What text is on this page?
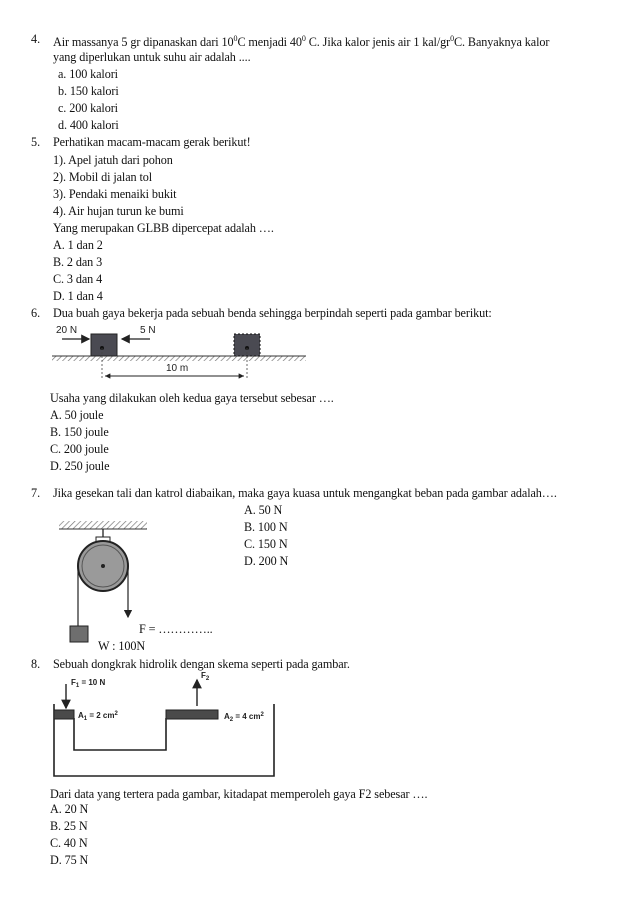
4. Air massanya 5 gr dipanaskan dari $10^0C$ menjadi $40^0$ C. Jika kalor jenis air 1 kal/$gr^0C$. Banyaknya kalor
yang diperlukan untuk suhu air adalah ....
a. 100 kalori
b. 150 kalori
c. 200 kalori
d. 400 kalori
5. Perhatikan macam-macam gerak berikut!
1). Apel jatuh dari pohon
2). Mobil di jalan tol
3). Pendaki menaiki bukit
4). Air hujan turun ke bumi
Yang merupakan GLBB dipercepat adalah ….
A. 1 dan 2
B. 2 dan 3
C. 3 dan 4
D. 1 dan 4
6. Dua buah gaya bekerja pada sebuah benda sehingga berpindah seperti pada gambar berikut:
20 N	5 N
10 m
Usaha yang dilakukan oleh kedua gaya tersebut sebesar ….
A. 50 joule
B. 150 joule
C. 200 joule
D. 250 joule
7. Jika gesekan tali dan katrol diabaikan, maka gaya kuasa untuk mengangkat beban pada gambar adalah….
A. 50 N
B. 100 N
C. 150 N
D. 200 N
F = …………..
W : 100N
8. Sebuah dongkrak hidrolik dengan skema seperti pada gambar.
$F_1 = 10$ N
$F_2$
$A_1 = 2$ $cm^2$	$A_2 = 4$ $cm^2$
Dari data yang tertera pada gambar, kitadapat memperoleh gaya F2 sebesar ….
A. 20 N
B. 25 N
C. 40 N
D. 75 N
